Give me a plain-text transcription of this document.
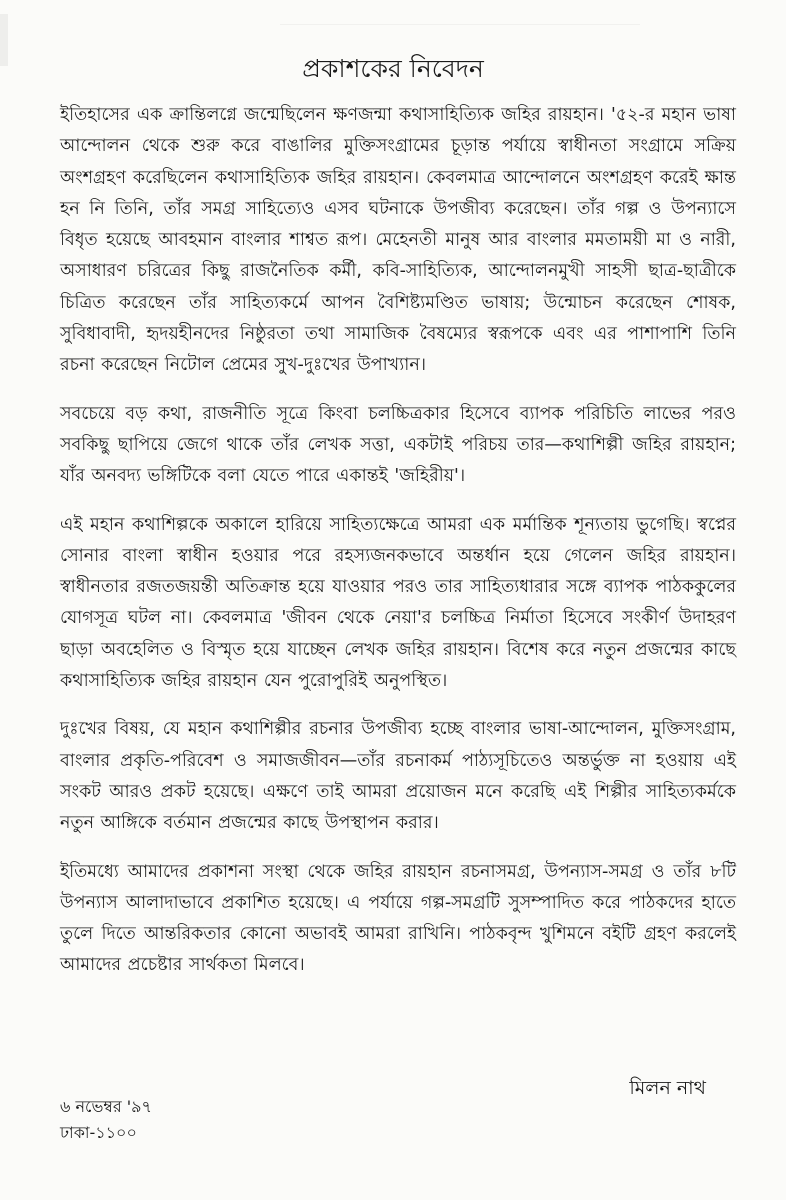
প্রকাশকের নিবেদন

ইতিহাসের এক ক্রান্তিলগ্নে জন্মেছিলেন ক্ষণজন্মা কথাসাহিত্যিক জহির রায়হান। '৫২-র মহান ভাষা আন্দোলন থেকে শুরু করে বাঙালির মুক্তিসংগ্রামের চূড়ান্ত পর্যায়ে স্বাধীনতা সংগ্রামে সক্রিয় অংশগ্রহণ করেছিলেন কথাসাহিত্যিক জহির রায়হান। কেবলমাত্র আন্দোলনে অংশগ্রহণ করেই ক্ষান্ত হন নি তিনি, তাঁর সমগ্র সাহিত্যেও এসব ঘটনাকে উপজীব্য করেছেন। তাঁর গল্প ও উপন্যাসে বিধৃত হয়েছে আবহমান বাংলার শাশ্বত রূপ। মেহেনতী মানুষ আর বাংলার মমতাময়ী মা ও নারী, অসাধারণ চরিত্রের কিছু রাজনৈতিক কর্মী, কবি-সাহিত্যিক, আন্দোলনমুখী সাহসী ছাত্র-ছাত্রীকে চিত্রিত করেছেন তাঁর সাহিত্যকর্মে আপন বৈশিষ্ট্যমণ্ডিত ভাষায়; উন্মোচন করেছেন শোষক, সুবিধাবাদী, হৃদয়হীনদের নিষ্ঠুরতা তথা সামাজিক বৈষম্যের স্বরূপকে এবং এর পাশাপাশি তিনি রচনা করেছেন নিটোল প্রেমের সুখ-দুঃখের উপাখ্যান।

সবচেয়ে বড় কথা, রাজনীতি সূত্রে কিংবা চলচ্চিত্রকার হিসেবে ব্যাপক পরিচিতি লাভের পরও সবকিছু ছাপিয়ে জেগে থাকে তাঁর লেখক সত্তা, একটাই পরিচয় তার—কথাশিল্পী জহির রায়হান; যাঁর অনবদ্য ভঙ্গিটিকে বলা যেতে পারে একান্তই 'জহিরীয়'।

এই মহান কথাশিল্পকে অকালে হারিয়ে সাহিত্যক্ষেত্রে আমরা এক মর্মান্তিক শূন্যতায় ভুগেছি। স্বপ্নের সোনার বাংলা স্বাধীন হওয়ার পরে রহস্যজনকভাবে অন্তর্ধান হয়ে গেলেন জহির রায়হান। স্বাধীনতার রজতজয়ন্তী অতিক্রান্ত হয়ে যাওয়ার পরও তার সাহিত্যধারার সঙ্গে ব্যাপক পাঠককুলের যোগসূত্র ঘটল না। কেবলমাত্র 'জীবন থেকে নেয়া'র চলচ্চিত্র নির্মাতা হিসেবে সংকীর্ণ উদাহরণ ছাড়া অবহেলিত ও বিস্মৃত হয়ে যাচ্ছেন লেখক জহির রায়হান। বিশেষ করে নতুন প্রজন্মের কাছে কথাসাহিত্যিক জহির রায়হান যেন পুরোপুরিই অনুপস্থিত।

দুঃখের বিষয়, যে মহান কথাশিল্পীর রচনার উপজীব্য হচ্ছে বাংলার ভাষা-আন্দোলন, মুক্তিসংগ্রাম, বাংলার প্রকৃতি-পরিবেশ ও সমাজজীবন—তাঁর রচনাকর্ম পাঠ্যসূচিতেও অন্তর্ভুক্ত না হওয়ায় এই সংকট আরও প্রকট হয়েছে। এক্ষণে তাই আমরা প্রয়োজন মনে করেছি এই শিল্পীর সাহিত্যকর্মকে নতুন আঙ্গিকে বর্তমান প্রজন্মের কাছে উপস্থাপন করার।

ইতিমধ্যে আমাদের প্রকাশনা সংস্থা থেকে জহির রায়হান রচনাসমগ্র, উপন্যাস-সমগ্র ও তাঁর ৮টি উপন্যাস আলাদাভাবে প্রকাশিত হয়েছে। এ পর্যায়ে গল্প-সমগ্রটি সুসম্পাদিত করে পাঠকদের হাতে তুলে দিতে আন্তরিকতার কোনো অভাবই আমরা রাখিনি। পাঠকবৃন্দ খুশিমনে বইটি গ্রহণ করলেই আমাদের প্রচেষ্টার সার্থকতা মিলবে।

মিলন নাথ
৬ নভেম্বর '৯৭
ঢাকা-১১০০
